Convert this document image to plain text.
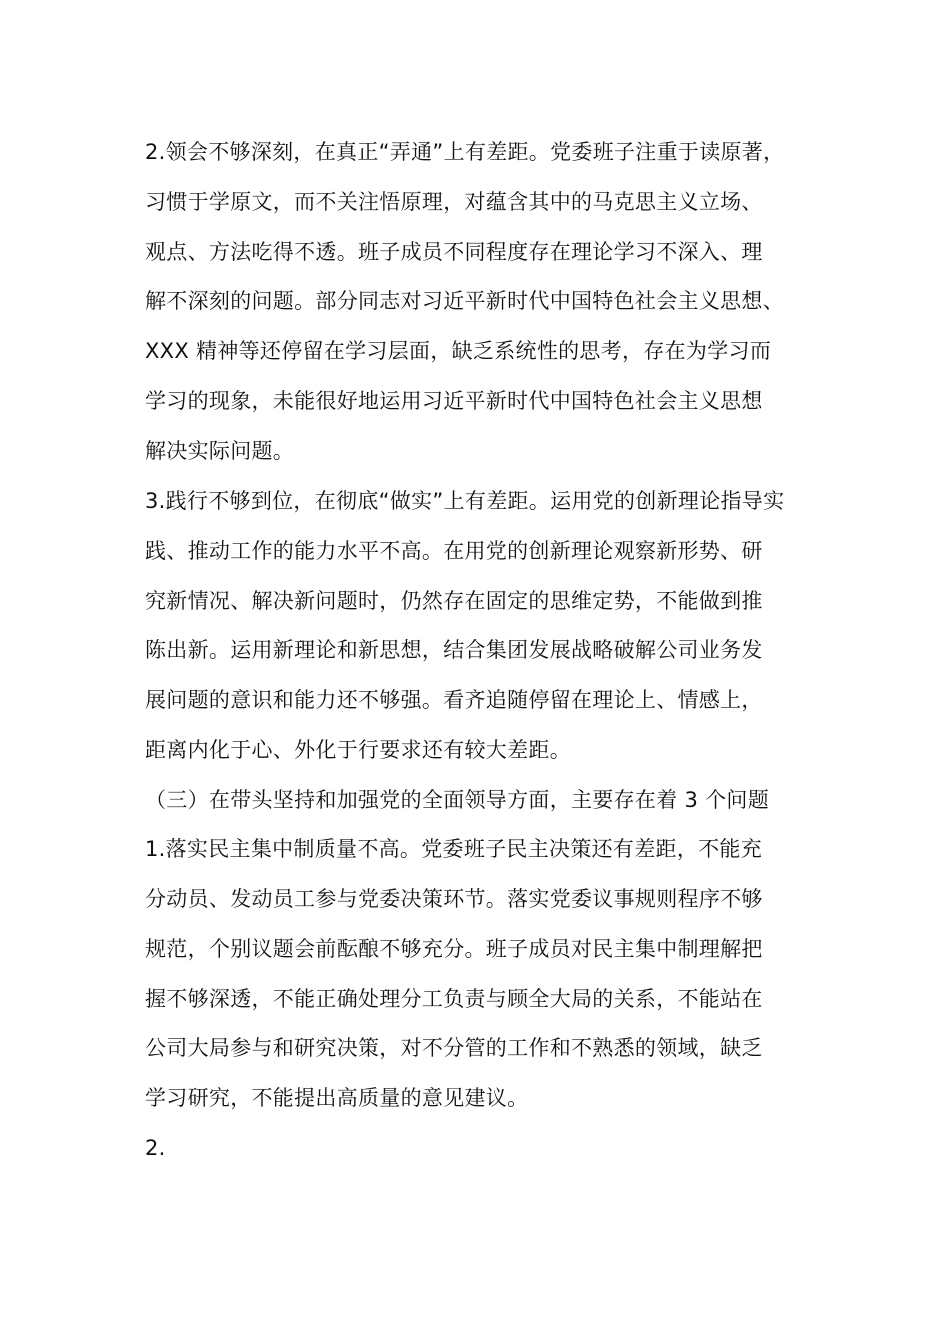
2.领会不够深刻，在真正“弄通”上有差距。党委班子注重于读原著，
习惯于学原文，而不关注悟原理，对蕴含其中的马克思主义立场、
观点、方法吃得不透。班子成员不同程度存在理论学习不深入、理
解不深刻的问题。部分同志对习近平新时代中国特色社会主义思想、
XXX 精神等还停留在学习层面，缺乏系统性的思考，存在为学习而
学习的现象，未能很好地运用习近平新时代中国特色社会主义思想
解决实际问题。
3.践行不够到位，在彻底“做实”上有差距。运用党的创新理论指导实
践、推动工作的能力水平不高。在用党的创新理论观察新形势、研
究新情况、解决新问题时，仍然存在固定的思维定势，不能做到推
陈出新。运用新理论和新思想，结合集团发展战略破解公司业务发
展问题的意识和能力还不够强。看齐追随停留在理论上、情感上，
距离内化于心、外化于行要求还有较大差距。
（三）在带头坚持和加强党的全面领导方面，主要存在着 3 个问题
1.落实民主集中制质量不高。党委班子民主决策还有差距，不能充
分动员、发动员工参与党委决策环节。落实党委议事规则程序不够
规范，个别议题会前酝酿不够充分。班子成员对民主集中制理解把
握不够深透，不能正确处理分工负责与顾全大局的关系，不能站在
公司大局参与和研究决策，对不分管的工作和不熟悉的领域，缺乏
学习研究，不能提出高质量的意见建议。
2.
